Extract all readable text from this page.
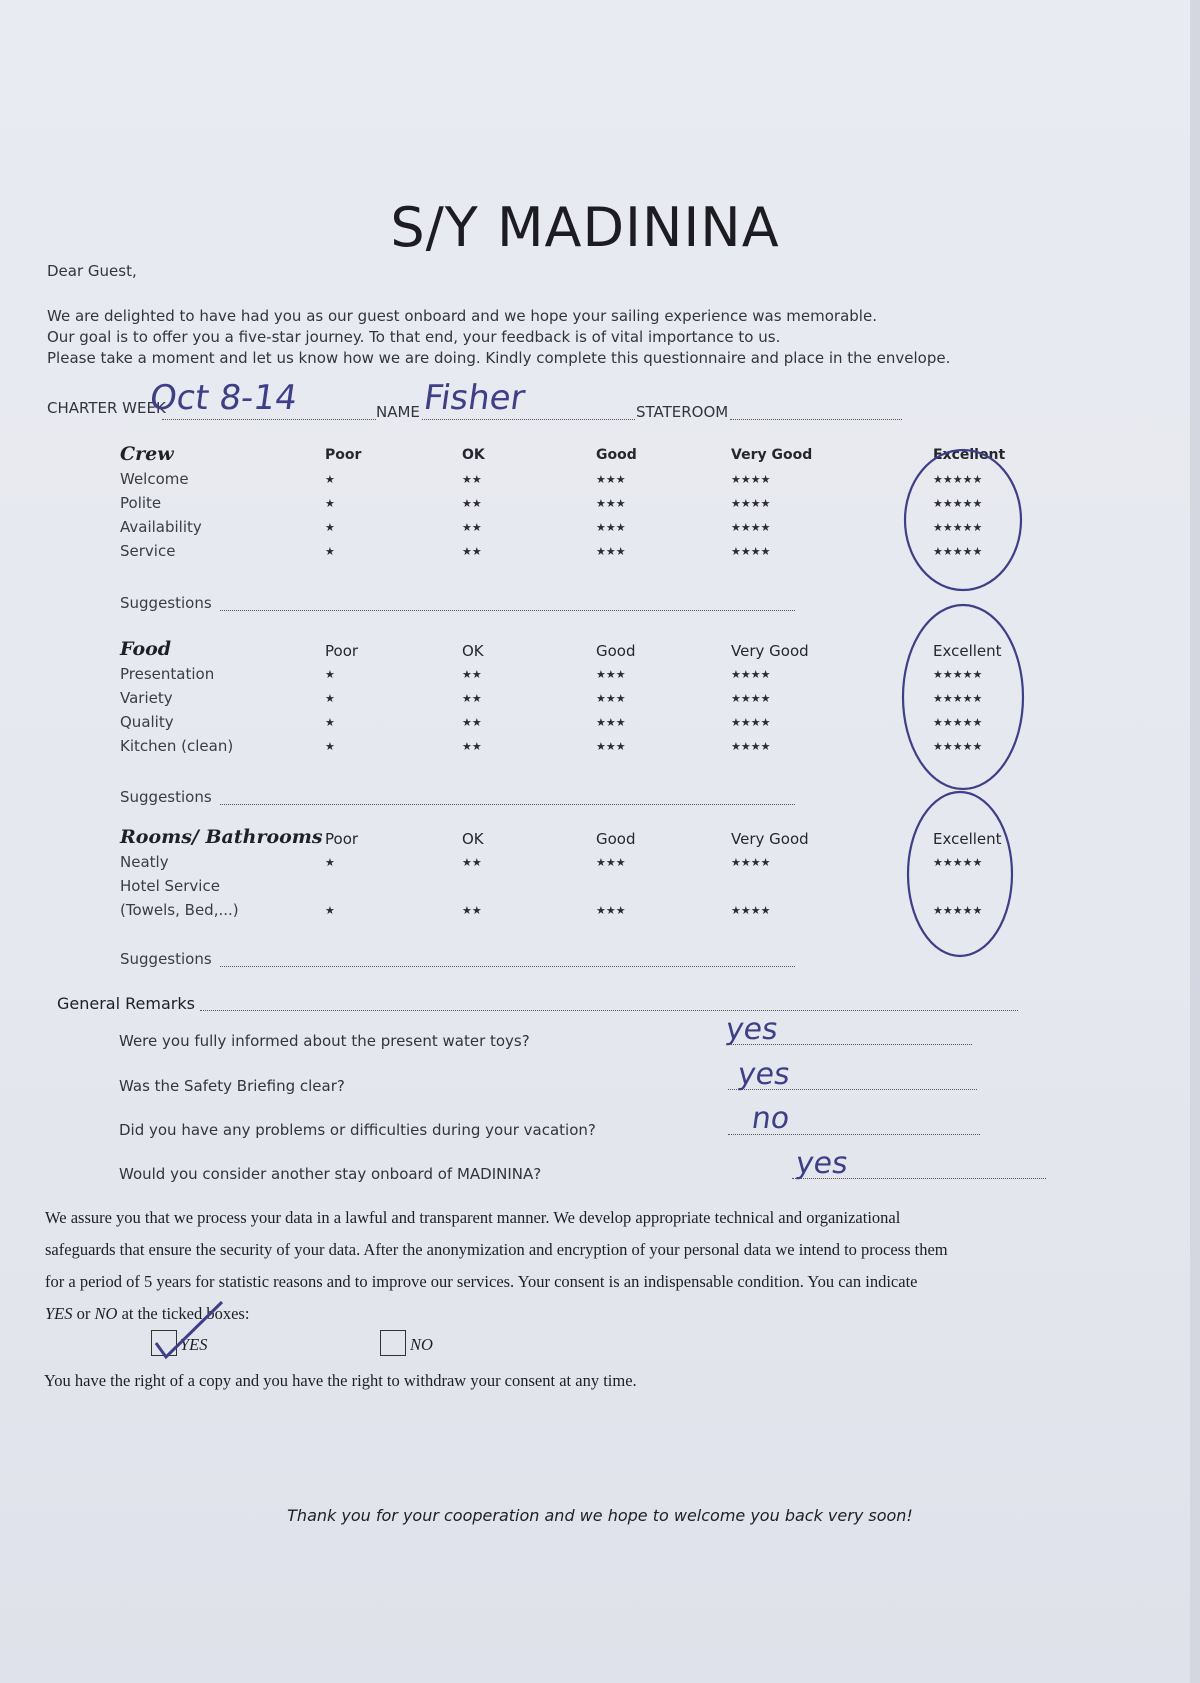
S/Y MADININA
Dear Guest,
We are delighted to have had you as our guest onboard and we hope your sailing experience was memorable.
Our goal is to offer you a five-star journey. To that end, your feedback is of vital importance to us.
Please take a moment and let us know how we are doing. Kindly complete this questionnaire and place in the envelope.
CHARTER WEEK
Oct 8-14	NAME Fisher	STATEROOM
Crew	Poor	OK	Good	Very Good	Excellent
Welcome	★	★★	★★★	★★★★	★★★★★
Polite	★	★★	★★★	★★★★	★★★★★
Availability	★	★★	★★★	★★★★	★★★★★
Service	★	★★	★★★	★★★★	★★★★★
Suggestions
Food	Poor	OK	Good	Very Good	Excellent
Presentation	★	★★	★★★	★★★★	★★★★★
Variety	★	★★	★★★	★★★★	★★★★★
Quality	★	★★	★★★	★★★★	★★★★★
Kitchen (clean)	★	★★	★★★	★★★★	★★★★★
Suggestions
Rooms/ Bathrooms Poor	OK	Good	Very Good	Excellent
Neatly	★	★★	★★★	★★★★	★★★★★
Hotel Service
(Towels, Bed,...)	★	★★	★★★	★★★★	★★★★★
Suggestions
General Remarks
Were you fully informed about the present water toys?	yes
Was the Safety Briefing clear?	yes
Did you have any problems or difficulties during your vacation?	no
Would you consider another stay onboard of MADININA?	yes
We assure you that we process your data in a lawful and transparent manner. We develop appropriate technical and organizational
safeguards that ensure the security of your data. After the anonymization and encryption of your personal data we intend to process them
for a period of 5 years for statistic reasons and to improve our services. Your consent is an indispensable condition. You can indicate
YES or NO at the ticked boxes:
YES	NO
You have the right of a copy and you have the right to withdraw your consent at any time.
Thank you for your cooperation and we hope to welcome you back very soon!
